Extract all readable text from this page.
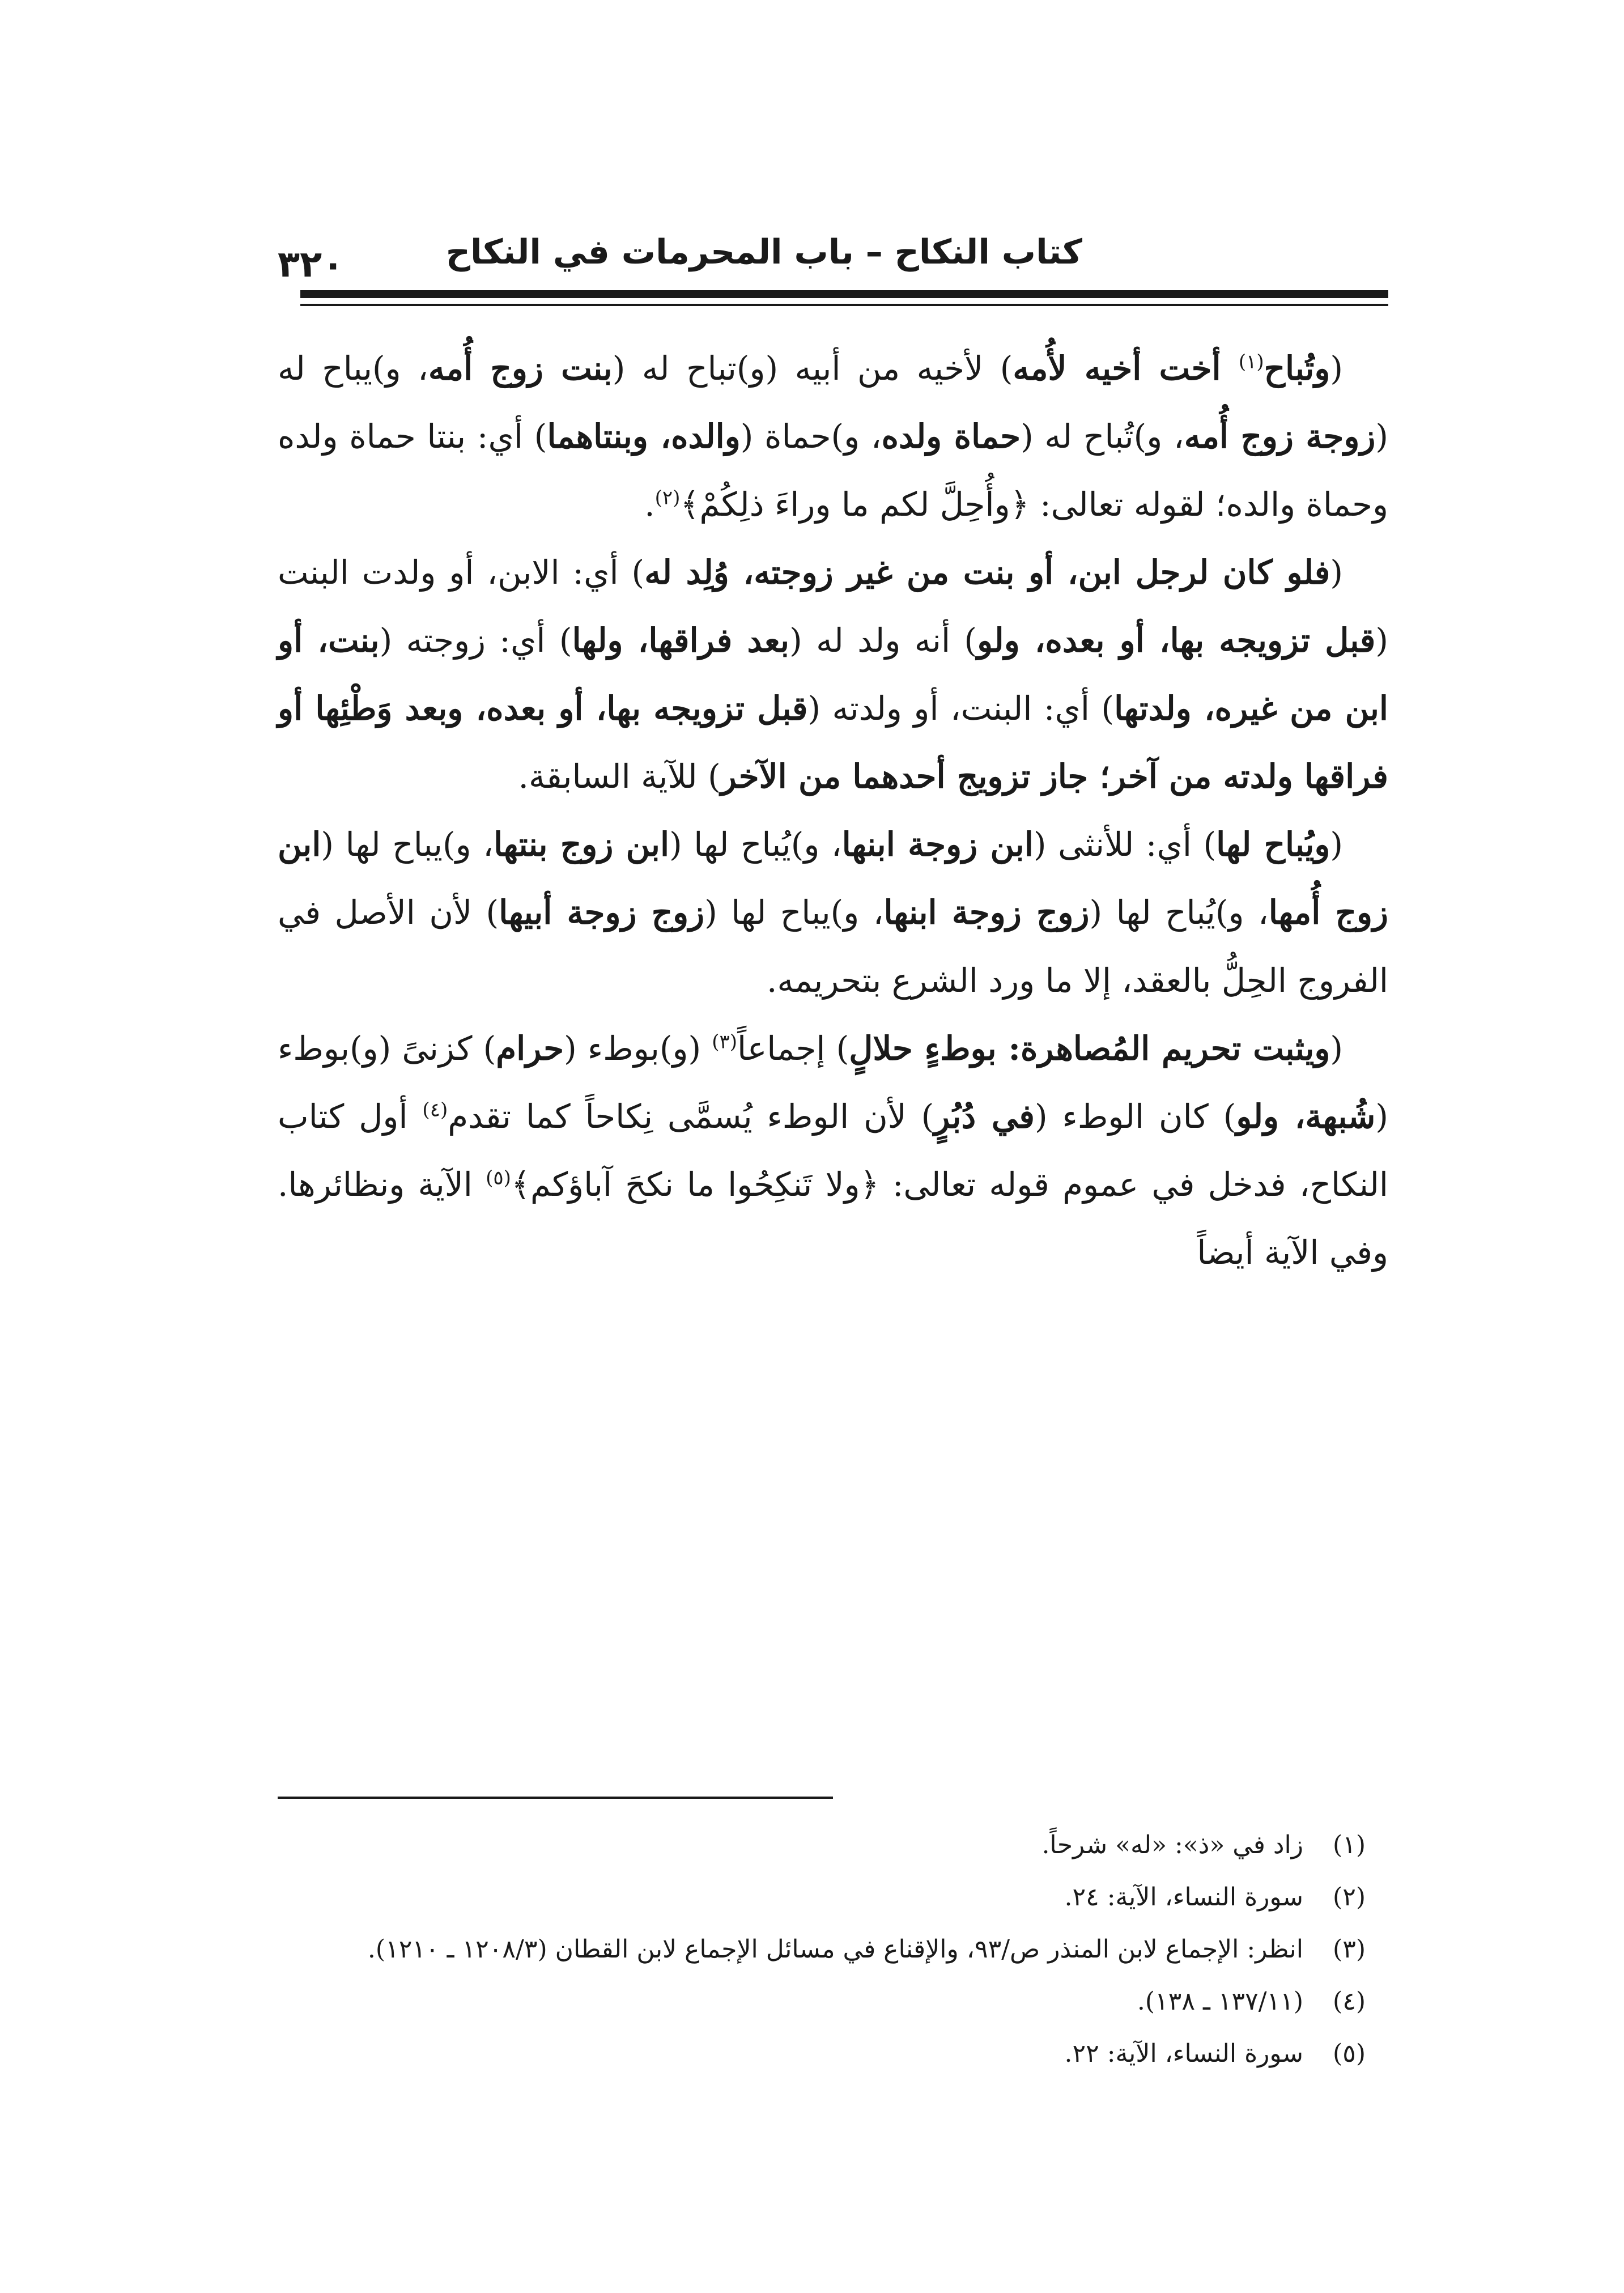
كتاب النكاح – باب المحرمات في النكاح
٣٢٠

(وتُباح$^{(١)}$ أخت أخيه لأُمه) لأخيه من أبيه (و)تباح له (بنت زوج أُمه، و)يباح له (زوجة زوج أُمه، و)تُباح له (حماة ولده، و)حماة (والده، وبنتاهما) أي: بنتا حماة ولده وحماة والده؛ لقوله تعالى: ﴿وأُحِلَّ لكم ما وراءَ ذلِكُمْ﴾$^{(٢)}$.

(فلو كان لرجل ابن، أو بنت من غير زوجته، وُلِد له) أي: الابن، أو ولدت البنت (قبل تزويجه بها، أو بعده، ولو) أنه ولد له (بعد فراقها، ولها) أي: زوجته (بنت، أو ابن من غيره، ولدتها) أي: البنت، أو ولدته (قبل تزويجه بها، أو بعده، وبعد وَطْئِها أو فراقها ولدته من آخر؛ جاز تزويج أحدهما من الآخر) للآية السابقة.

(ويُباح لها) أي: للأنثى (ابن زوجة ابنها، و)يُباح لها (ابن زوج بنتها، و)يباح لها (ابن زوج أُمها، و)يُباح لها (زوج زوجة ابنها، و)يباح لها (زوج زوجة أبيها) لأن الأصل في الفروج الحِلُّ بالعقد، إلا ما ورد الشرع بتحريمه.

(ويثبت تحريم المُصاهرة: بوطءٍ حلالٍ) إجماعاً$^{(٣)}$ (و)بوطء (حرام) كزنىً (و)بوطء (شُبهة، ولو) كان الوطء (في دُبُرٍ) لأن الوطء يُسمَّى نِكاحاً كما تقدم$^{(٤)}$ أول كتاب النكاح، فدخل في عموم قوله تعالى: ﴿ولا تَنكِحُوا ما نكحَ آباؤكم﴾$^{(٥)}$ الآية ونظائرها. وفي الآية أيضاً

(١)زاد في «ذ»: «له» شرحاً.

(٢)سورة النساء، الآية: ٢٤.

(٣)انظر: الإجماع لابن المنذر ص/٩٣، والإقناع في مسائل الإجماع لابن القطان (١٢٠٨/٣ ـ ١٢١٠).

(٤)(١٣٧/١١ ـ ١٣٨).

(٥)سورة النساء، الآية: ٢٢.
